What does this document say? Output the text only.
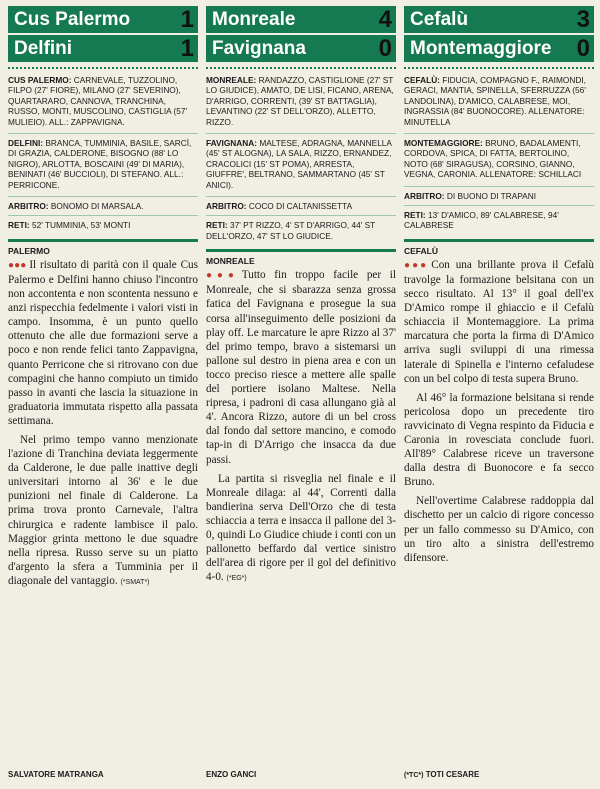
Cus Palermo 1
Delfini	1
CUS PALERMO: CARNEVALE, TUZZOLINO, FILPO (27' FIORE), MILANO (27' SEVERINO), QUARTARARO, CANNOVA, TRANCHINA, RUSSO, MONTI, MUSCOLINO, CASTIGLIA (57' MULIEIO). ALL.: ZAPPAVIGNA.
DELFINI: BRANCA, TUMMINIA, BASILE, SARCÌ, DI GRAZIA, CALDERONE, BISOGNO (88' LO NIGRO), ARLOTTA, BOSCAINI (49' DI MARIA), BENINATI (46' BUCCIOLI), DI STEFANO. ALL.: PERRICONE.
ARBITRO: BONOMO DI MARSALA.
RETI: 52' TUMMINIA, 53' MONTI
PALERMO

●●● Il risultato di parità con il quale Cus Palermo e Delfini hanno chiuso l'incontro non accontenta e non scontenta nessuno e anzi rispecchia fedelmente i valori visti in campo. Insomma, è un punto quello ottenuto che alle due formazioni serve a poco e non rende felici tanto Zappavigna, quanto Perricone che si ritrovano con due compagini che hanno compiuto un timido passo in avanti che lascia la situazione in graduatoria immutata rispetto alla passata settimana.

Nel primo tempo vanno menzionate l'azione di Tranchina deviata leggermente da Calderone, le due palle inattive degli universitari intorno al 36' e le due punizioni nel finale di Calderone. La prima trova pronto Carnevale, l'altra chirurgica e radente lambisce il palo. Maggior grinta mettono le due squadre nella ripresa. Russo serve su un piatto d'argento la sfera a Tumminia per il diagonale del vantaggio. (*SMAT*)

SALVATORE MATRANGA
Monreale	4
Favignana	0
MONREALE: RANDAZZO, CASTIGLIONE (27' ST LO GIUDICE), AMATO, DE LISI, FICANO, ARENA, D'ARRIGO, CORRENTI, (39' ST BATTAGLIA), LEVANTINO (22' ST DELL'ORZO), ALLETTO, RIZZO.
FAVIGNANA: MALTESE, ADRAGNA, MANNELLA (45' ST ALOGNA), LA SALA, RIZZO, ERNANDEZ, CRACOLICI (15' ST POMA), ARRESTA, GIUFFRE', BELTRANO, SAMMARTANO (45' ST ANICI).
ARBITRO: COCO DI CALTANISSETTA
RETI: 37' PT RIZZO, 4' ST D'ARRIGO, 44' ST DELL'ORZO, 47' ST LO GIUDICE.
MONREALE

●●● Tutto fin troppo facile per il Monreale, che si sbarazza senza grossa fatica del Favignana e prosegue la sua corsa all'inseguimento delle posizioni da play off. Le marcature le apre Rizzo al 37' del primo tempo, bravo a sistemarsi un pallone sul destro in piena area e con un tocco preciso riesce a mettere alle spalle del portiere isolano Maltese. Nella ripresa, i padroni di casa allungano già al 4'. Ancora Rizzo, autore di un bel cross dal fondo dal settore mancino, e comodo tap-in di D'Arrigo che insacca da due passi.

La partita si risveglia nel finale e il Monreale dilaga: al 44', Correnti dalla bandierina serva Dell'Orzo che di testa schiaccia a terra e insacca il pallone del 3-0, quindi Lo Giudice chiude i conti con un pallonetto beffardo dal vertice sinistro dell'area di rigore per il gol del definitivo 4-0. (*EG*)

ENZO GANCI
Cefalù	3
Montemaggiore 0
CEFALÙ: FIDUCIA, COMPAGNO F., RAIMONDI, GERACI, MANTIA, SPINELLA, SFERRUZZA (56' LANDOLINA), D'AMICO, CALABRESE, MOI, INGRASSIA (84' BUONOCORE). ALLENATORE: MINUTELLA
MONTEMAGGIORE: BRUNO, BADALAMENTI, CORDOVA, SPICA, DI FATTA, BERTOLINO, NOTO (68' SIRAGUSA), CORSINO, GIANNO, VEGNA, CARONIA. ALLENATORE: SCHILLACI
ARBITRO: DI BUONO DI TRAPANI
RETI: 13' D'AMICO, 89' CALABRESE, 94' CALABRESE
CEFALÙ

●●● Con una brillante prova il Cefalù travolge la formazione belsitana con un secco risultato. Al 13° il goal dell'ex D'Amico rompe il ghiaccio e il Cefalù schiaccia il Montemaggiore. La prima marcatura che porta la firma di D'Amico arriva sugli sviluppi di una rimessa laterale di Spinella e l'interno cefaludese con un bel colpo di testa supera Bruno.

Al 46° la formazione belsitana si rende pericolosa dopo un precedente tiro ravvicinato di Vegna respinto da Fiducia e Caronia in rovesciata conclude fuori. All'89° Calabrese riceve un traversone dalla destra di Buonocore e fa secco Bruno.

Nell'overtime Calabrese raddoppia dal dischetto per un calcio di rigore concesso per un fallo commesso su D'Amico, con un tiro alto a sinistra dell'estremo difensore.

(*TC*) TOTI CESARE
